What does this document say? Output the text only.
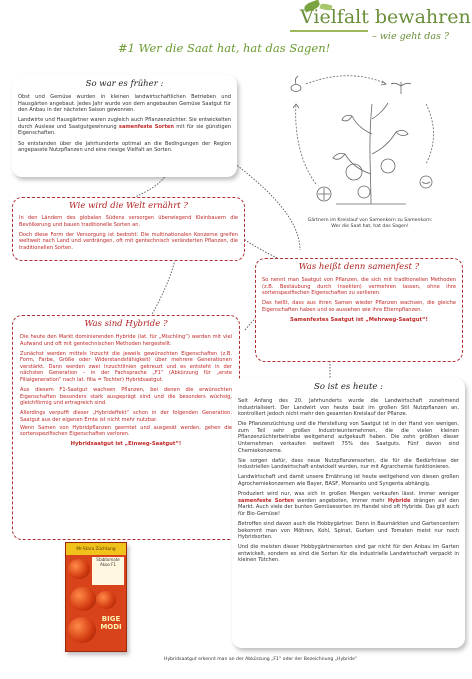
Vielfalt bewahren
– wie geht das ?
#1 Wer die Saat hat, hat das Sagen!

So war es früher :

Obst und Gemüse wurden in kleinen landwirtschaftlichen Betrieben und Hausgärten angebaut. Jedes Jahr wurde von dem angebauten Gemüse Saatgut für den Anbau in der nächsten Saison gewonnen.

Landwirte und Hausgärtner waren zugleich auch Pflanzenzüchter. Sie entwickelten durch Auslese und Saatgutgewinnung samenfeste Sorten mit für sie günstigen Eigenschaften.

So entstanden über die Jahrhunderte optimal an die Bedingungen der Region angepasste Nutzpflanzen und eine riesige Vielfalt an Sorten.

Gärtnern im Kreislauf von Samenkorn zu Samenkorn:
Wer die Saat hat, hat das Sagen!

Wie wird die Welt ernährt ?

In den Ländern des globalen Südens versorgen überwiegend Kleinbauern die Bevölkerung und bauen traditionelle Sorten an.

Doch diese Form der Versorgung ist bedroht: Die multinationalen Konzerne greifen weltweit nach Land und verdrängen, oft mit gentechnisch veränderten Pflanzen, die traditionellen Sorten.

Was heißt denn samenfest ?

So nennt man Saatgut von Pflanzen, die sich mit traditionellen Methoden (z.B. Bestäubung durch Insekten) vermehren lassen, ohne ihre sortenspezifischen Eigenschaften zu verlieren.

Das heißt, dass aus ihren Samen wieder Pflanzen wachsen, die gleiche Eigenschaften haben und so aussehen wie ihre Elternpflanzen.

Samenfestes Saatgut ist „Mehrweg-Saatgut“!

Was sind Hybride ?

Die heute den Markt dominierenden Hybride (lat. für „Mischling“) werden mit viel Aufwand und oft mit gentechnischen Methoden hergestellt.

Zunächst werden mittels Inzucht die jeweils gewünschten Eigenschaften (z.B. Form, Farbe, Größe oder Widerstandsfähigkeit) über mehrere Generationen verstärkt. Dann werden zwei Inzuchtlinien gekreuzt und es entsteht in der nächsten Generation – in der Fachsprache „F1“ (Abkürzung für „erste Filialgeneration“ nach lat. filia = Tochter) Hybridsaatgut.

Aus diesem F1-Saatgut wachsen Pflanzen, bei denen die erwünschten Eigenschaften besonders stark ausgeprägt sind und die besonders wüchsig, gleichförmig und ertragreich sind.

Allerdings verpufft dieser „Hybrideffekt“ schon in der folgenden Generation. Saatgut aus der eigenen Ernte ist nicht mehr nutzbar.

Wenn Samen von Hybridpflanzen geerntet und ausgesät werden, gehen die sortenspezifischen Eigenschaften verloren.

Hybridsaatgut ist „Einweg-Saatgut“!

So ist es heute :

Seit Anfang des 20. Jahrhunderts wurde die Landwirtschaft zunehmend industrialisiert. Der Landwirt von heute baut im großen Stil Nutzpflanzen an, kontrolliert jedoch nicht mehr den gesamten Kreislauf der Pflanze.

Die Pflanzenzüchtung und die Herstellung von Saatgut ist in der Hand von wenigen, zum Teil sehr großen Industrieunternehmen, die die vielen kleinen Pflanzenzüchterbetriebe weitgehend aufgekauft haben. Die zehn größten dieser Unternehmen verkaufen weltweit 75% des Saatguts. Fünf davon sind Chemiekonzerne.

Sie sorgen dafür, dass neue Nutzpflanzensorten, die für die Bedürfnisse der industriellen Landwirtschaft entwickelt wurden, nur mit Agrarchemie funktionieren.

Landwirtschaft und damit unsere Ernährung ist heute weitgehend von diesen großen Agrochemiekonzernen wie Bayer, BASF, Monsanto und Syngenta abhängig.

Produziert wird nur, was sich in großen Mengen verkaufen lässt. Immer weniger samenfeste Sorten werden angeboten, immer mehr Hybride drängen auf den Markt. Auch viele der bunten Gemüsesorten im Handel sind oft Hybride. Das gilt auch für Bio-Gemüse!

Betroffen sind davon auch die Hobbygärtner. Denn in Baumärkten und Gartencentern bekommt man von Möhren, Kohl, Spinat, Gurken und Tomaten meist nur noch Hybridsorten.

Und die meisten dieser Hobbygärtnersorten sind gar nicht für den Anbau im Garten entwickelt, sondern es sind die Sorten für die industrielle Landwirtschaft verpackt in kleinen Tütchen.

Mr-Stara Züchtung
Stabtomate Akoo F1
BIGE MODI
Hybridsaatgut erkennt man an der Abkürzung „F1“ oder der Bezeichnung „Hybride“
